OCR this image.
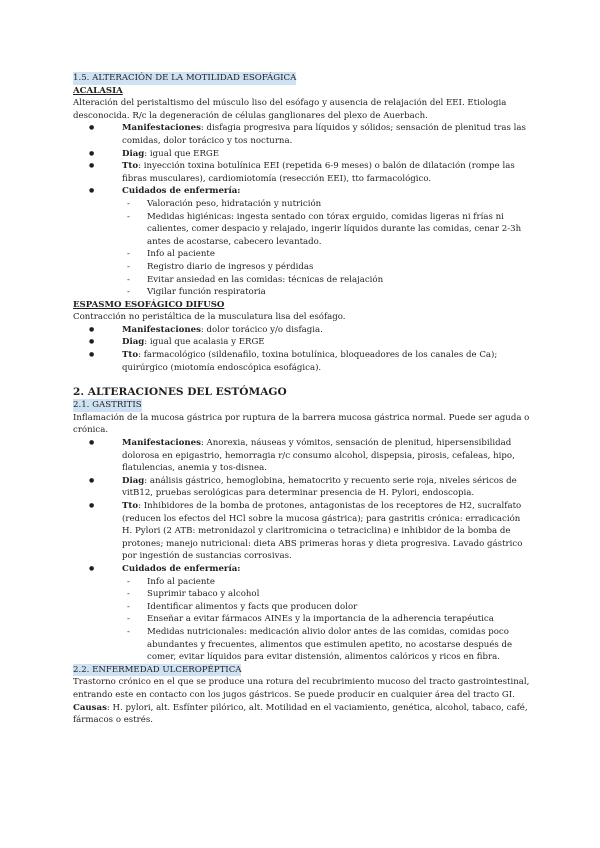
1.5. ALTERACIÓN DE LA MOTILIDAD ESOFÁGICA

ACALASIA

Alteración del peristaltismo del músculo liso del esófago y ausencia de relajación del EEI. Etiologia desconocida. R/c la degeneración de células ganglionares del plexo de Auerbach.

● Manifestaciones: disfagia progresiva para líquidos y sólidos; sensación de plenitud tras las comidas, dolor torácico y tos nocturna.
● Diag: igual que ERGE
● Tto: inyección toxina botulínica EEI (repetida 6-9 meses) o balón de dilatación (rompe las fibras musculares), cardiomiotomía (resección EEI), tto farmacológico.
● Cuidados de enfermería:
- Valoración peso, hidratación y nutrición
- Medidas higiénicas: ingesta sentado con tórax erguido, comidas ligeras ni frías ni calientes, comer despacio y relajado, ingerir líquidos durante las comidas, cenar 2-3h antes de acostarse, cabecero levantado.
- Info al paciente
- Registro diario de ingresos y pérdidas
- Evitar ansiedad en las comidas: técnicas de relajación
- Vigilar función respiratoria
ESPASMO ESOFÁGICO DIFUSO

Contracción no peristáltica de la musculatura lisa del esófago.

● Manifestaciones: dolor torácico y/o disfagia.
● Diag: igual que acalasia y ERGE
● Tto: farmacológico (sildenafilo, toxina botulínica, bloqueadores de los canales de Ca); quirúrgico (miotomía endoscópica esofágica).
2. ALTERACIONES DEL ESTÓMAGO

2.1. GASTRITIS

Inflamación de la mucosa gástrica por ruptura de la barrera mucosa gástrica normal. Puede ser aguda o crónica.

● Manifestaciones: Anorexia, náuseas y vómitos, sensación de plenitud, hipersensibilidad dolorosa en epigastrio, hemorragia r/c consumo alcohol, dispepsia, pirosis, cefaleas, hipo, flatulencias, anemia y tos-disnea.
● Diag: análisis gástrico, hemoglobina, hematocrito y recuento serie roja, niveles séricos de vitB12, pruebas serológicas para determinar presencia de H. Pylori, endoscopia.
● Tto: Inhibidores de la bomba de protones, antagonistas de los receptores de H2, sucralfato (reducen los efectos del HCl sobre la mucosa gástrica); para gastritis crónica: erradicación H. Pylori (2 ATB: metronidazol y claritromicina o tetraciclina) e inhibidor de la bomba de protones; manejo nutricional: dieta ABS primeras horas y dieta progresiva. Lavado gástrico por ingestión de sustancias corrosivas.
● Cuidados de enfermería:
- Info al paciente
- Suprimir tabaco y alcohol
- Identificar alimentos y facts que producen dolor
- Enseñar a evitar fármacos AINEs y la importancia de la adherencia terapéutica
- Medidas nutricionales: medicación alivio dolor antes de las comidas, comidas poco abundantes y frecuentes, alimentos que estimulen apetito, no acostarse después de comer, evitar líquidos para evitar distensión, alimentos calóricos y ricos en fibra.

2.2. ENFERMEDAD ULCEROPÉPTICA

Trastorno crónico en el que se produce una rotura del recubrimiento mucoso del tracto gastrointestinal, entrando este en contacto con los jugos gástricos. Se puede producir en cualquier área del tracto GI.

Causas: H. pylori, alt. Esfínter pilórico, alt. Motilidad en el vaciamiento, genética, alcohol, tabaco, café, fármacos o estrés.
